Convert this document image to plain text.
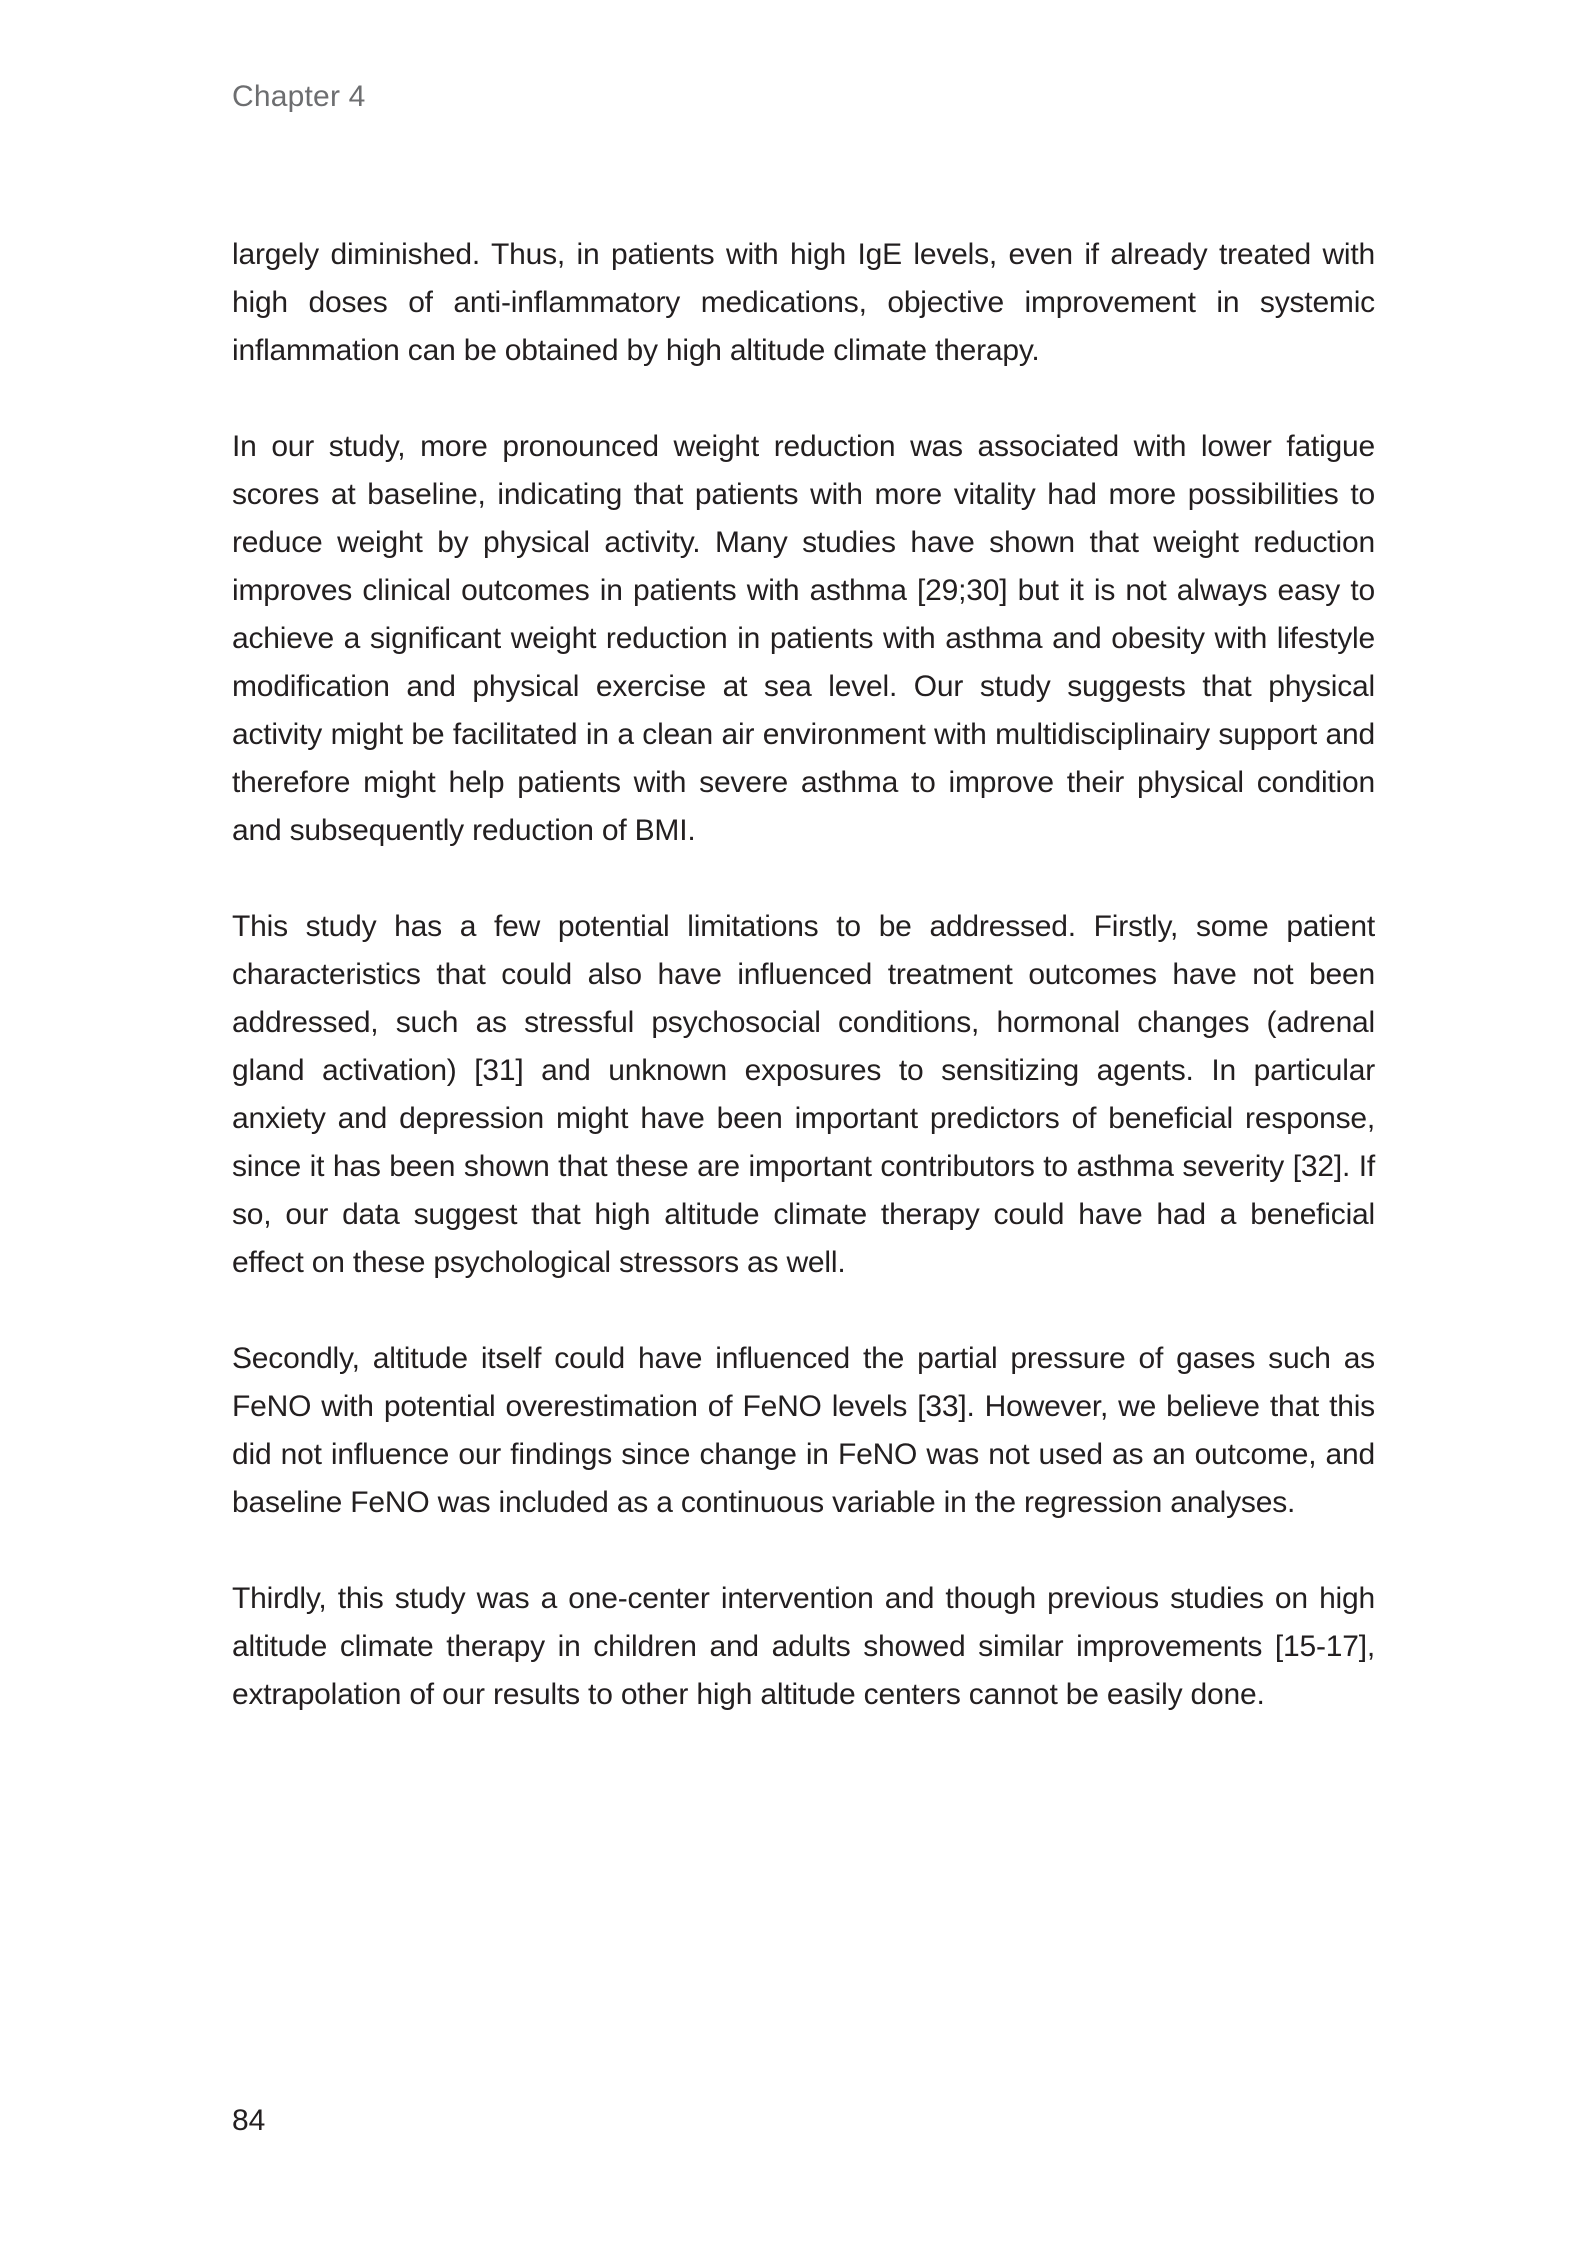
Chapter 4

largely diminished. Thus, in patients with high IgE levels, even if already treated with high doses of anti-inflammatory medications, objective improvement in systemic inflammation can be obtained by high altitude climate therapy.

In our study, more pronounced weight reduction was associated with lower fatigue scores at baseline, indicating that patients with more vitality had more possibilities to reduce weight by physical activity. Many studies have shown that weight reduction improves clinical outcomes in patients with asthma [29;30] but it is not always easy to achieve a significant weight reduction in patients with asthma and obesity with lifestyle modification and physical exercise at sea level. Our study suggests that physical activity might be facilitated in a clean air environment with multidisciplinairy support and therefore might help patients with severe asthma to improve their physical condition and subsequently reduction of BMI.

This study has a few potential limitations to be addressed. Firstly, some patient characteristics that could also have influenced treatment outcomes have not been addressed, such as stressful psychosocial conditions, hormonal changes (adrenal gland activation) [31] and unknown exposures to sensitizing agents. In particular anxiety and depression might have been important predictors of beneficial response, since it has been shown that these are important contributors to asthma severity [32]. If so, our data suggest that high altitude climate therapy could have had a beneficial effect on these psychological stressors as well.

Secondly, altitude itself could have influenced the partial pressure of gases such as FeNO with potential overestimation of FeNO levels [33]. However, we believe that this did not influence our findings since change in FeNO was not used as an outcome, and baseline FeNO was included as a continuous variable in the regression analyses.

Thirdly, this study was a one-center intervention and though previous studies on high altitude climate therapy in children and adults showed similar improvements [15-17], extrapolation of our results to other high altitude centers cannot be easily done.

84
